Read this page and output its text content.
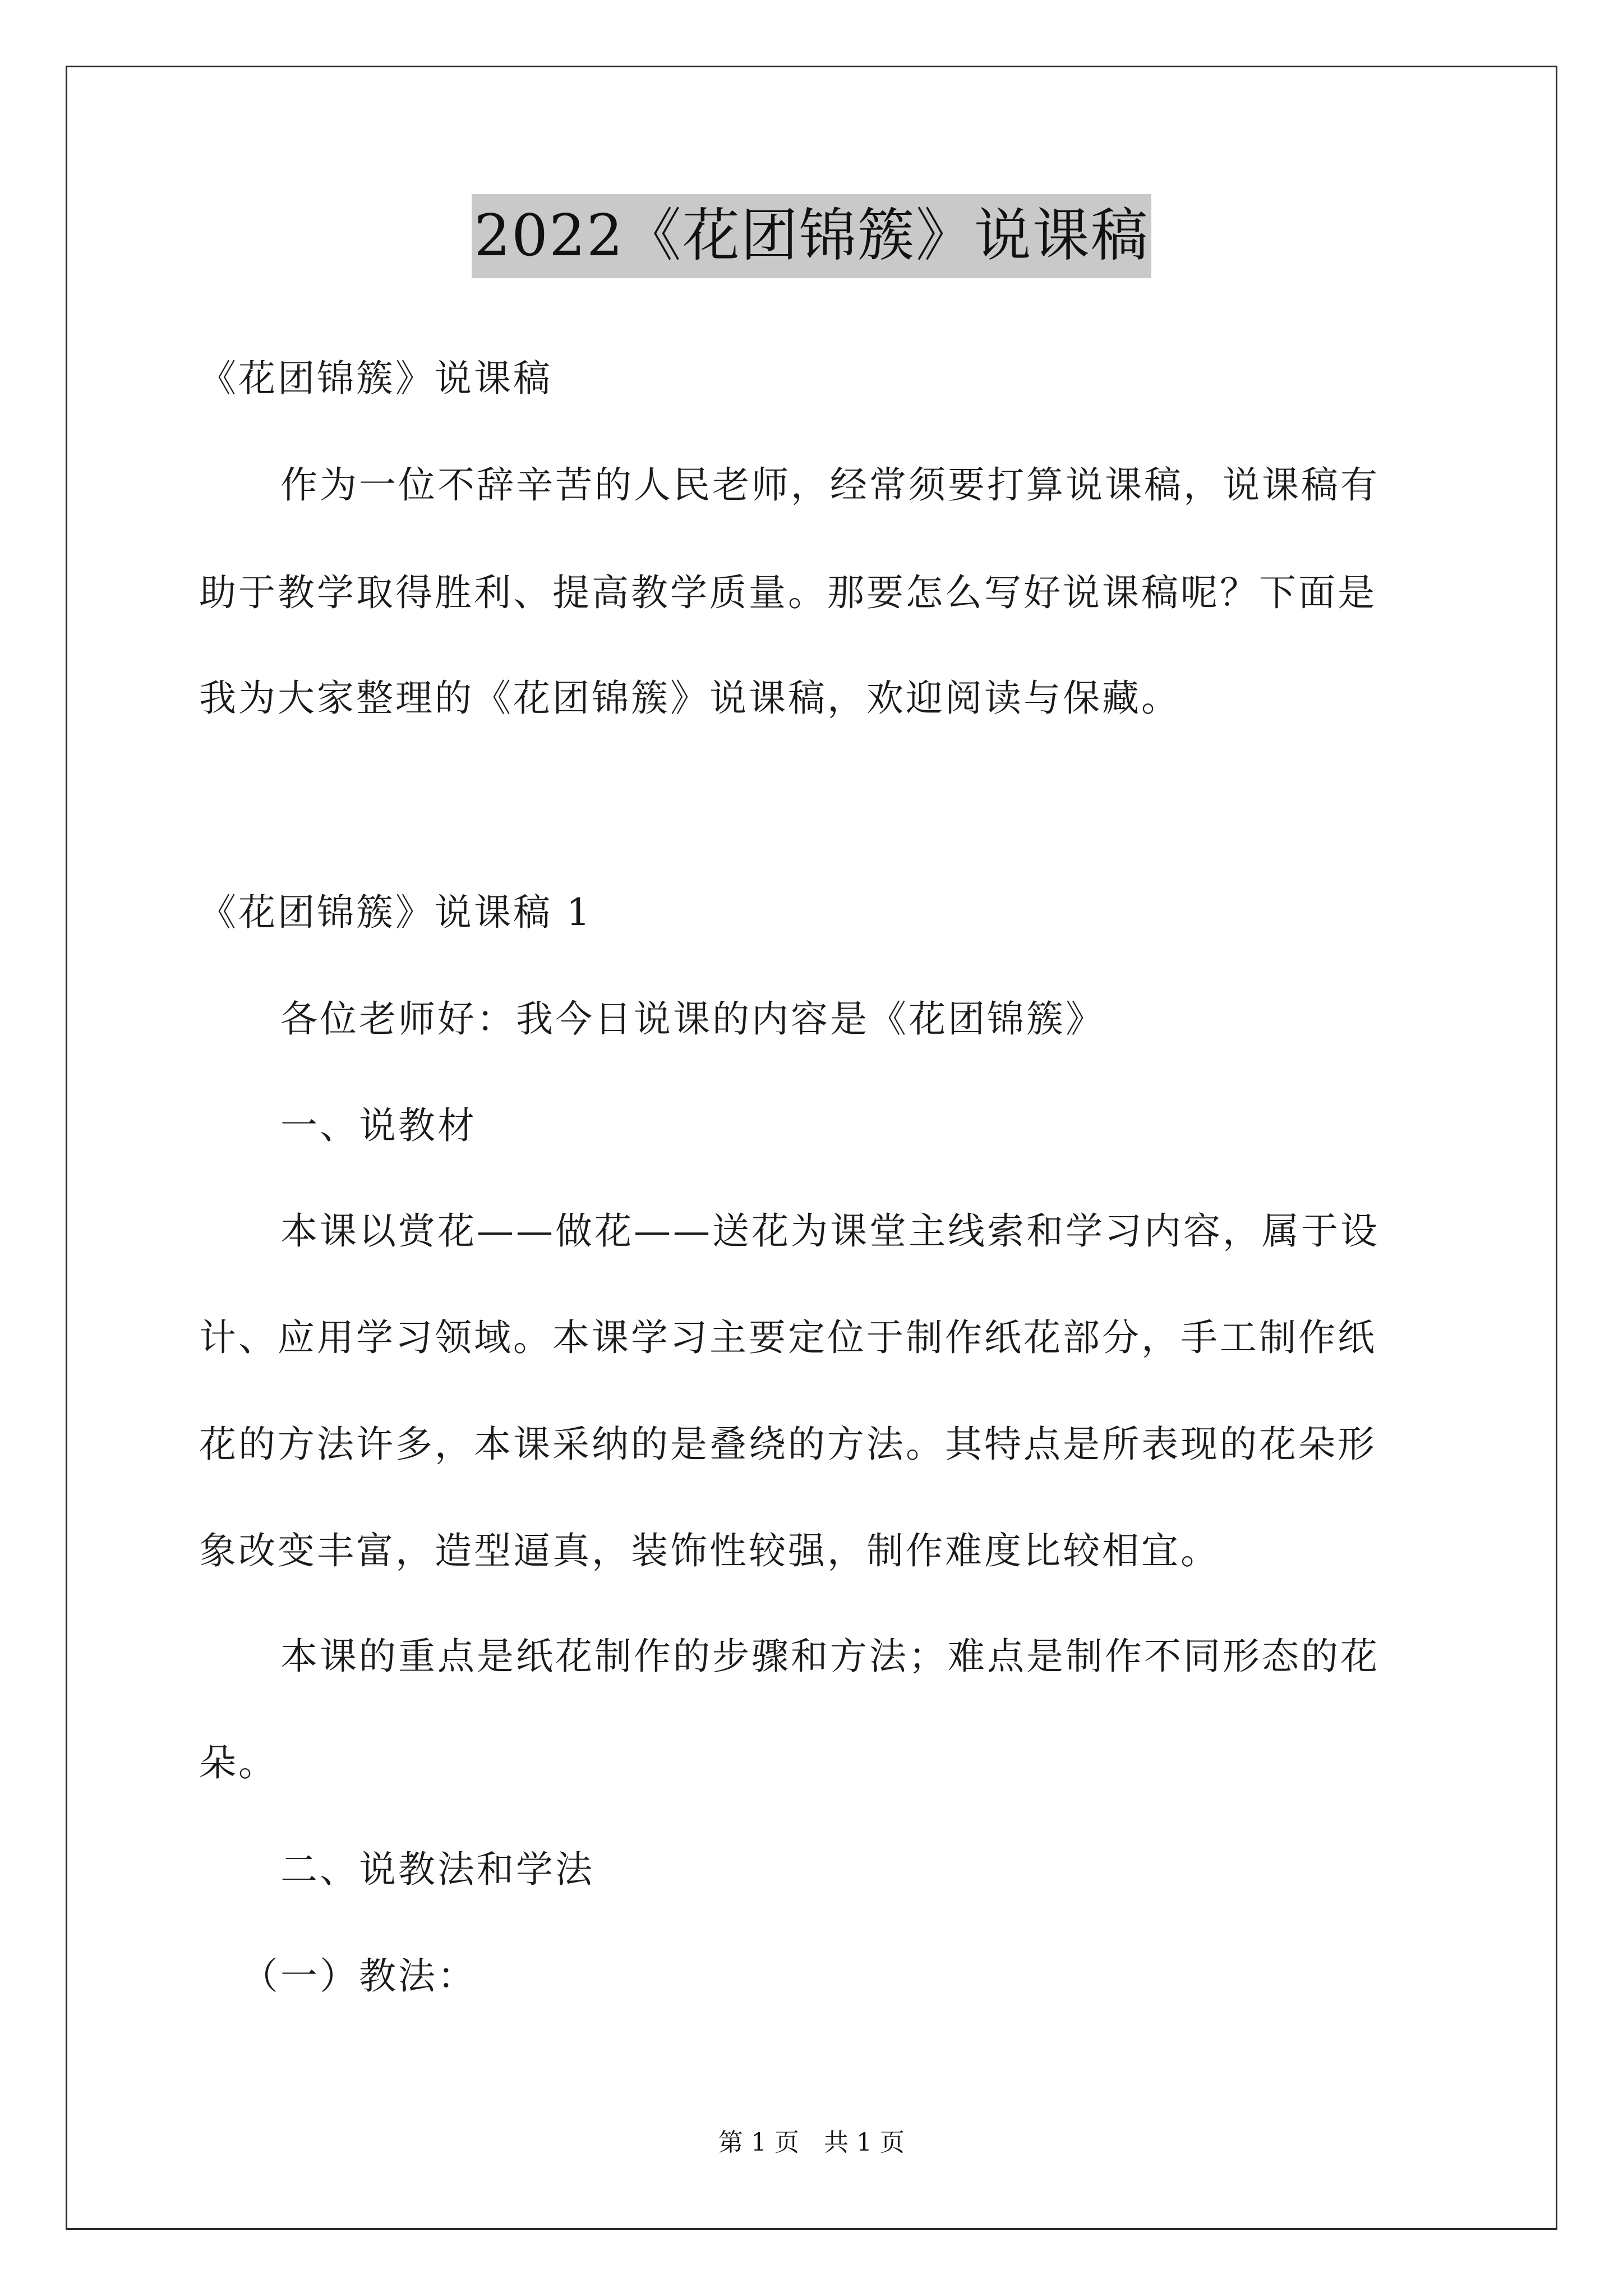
2022《花团锦簇》说课稿
《花团锦簇》说课稿
作为一位不辞辛苦的人民老师，经常须要打算说课稿，说课稿有
助于教学取得胜利、提高教学质量。那要怎么写好说课稿呢？下面是
我为大家整理的《花团锦簇》说课稿，欢迎阅读与保藏。
《花团锦簇》说课稿 1
各位老师好：我今日说课的内容是《花团锦簇》
一、说教材
本课以赏花——做花——送花为课堂主线索和学习内容，属于设
计、应用学习领域。本课学习主要定位于制作纸花部分，手工制作纸
花的方法许多，本课采纳的是叠绕的方法。其特点是所表现的花朵形
象改变丰富，造型逼真，装饰性较强，制作难度比较相宜。
本课的重点是纸花制作的步骤和方法；难点是制作不同形态的花
朵。
二、说教法和学法
（一）教法：
第 1 页　共 1 页
